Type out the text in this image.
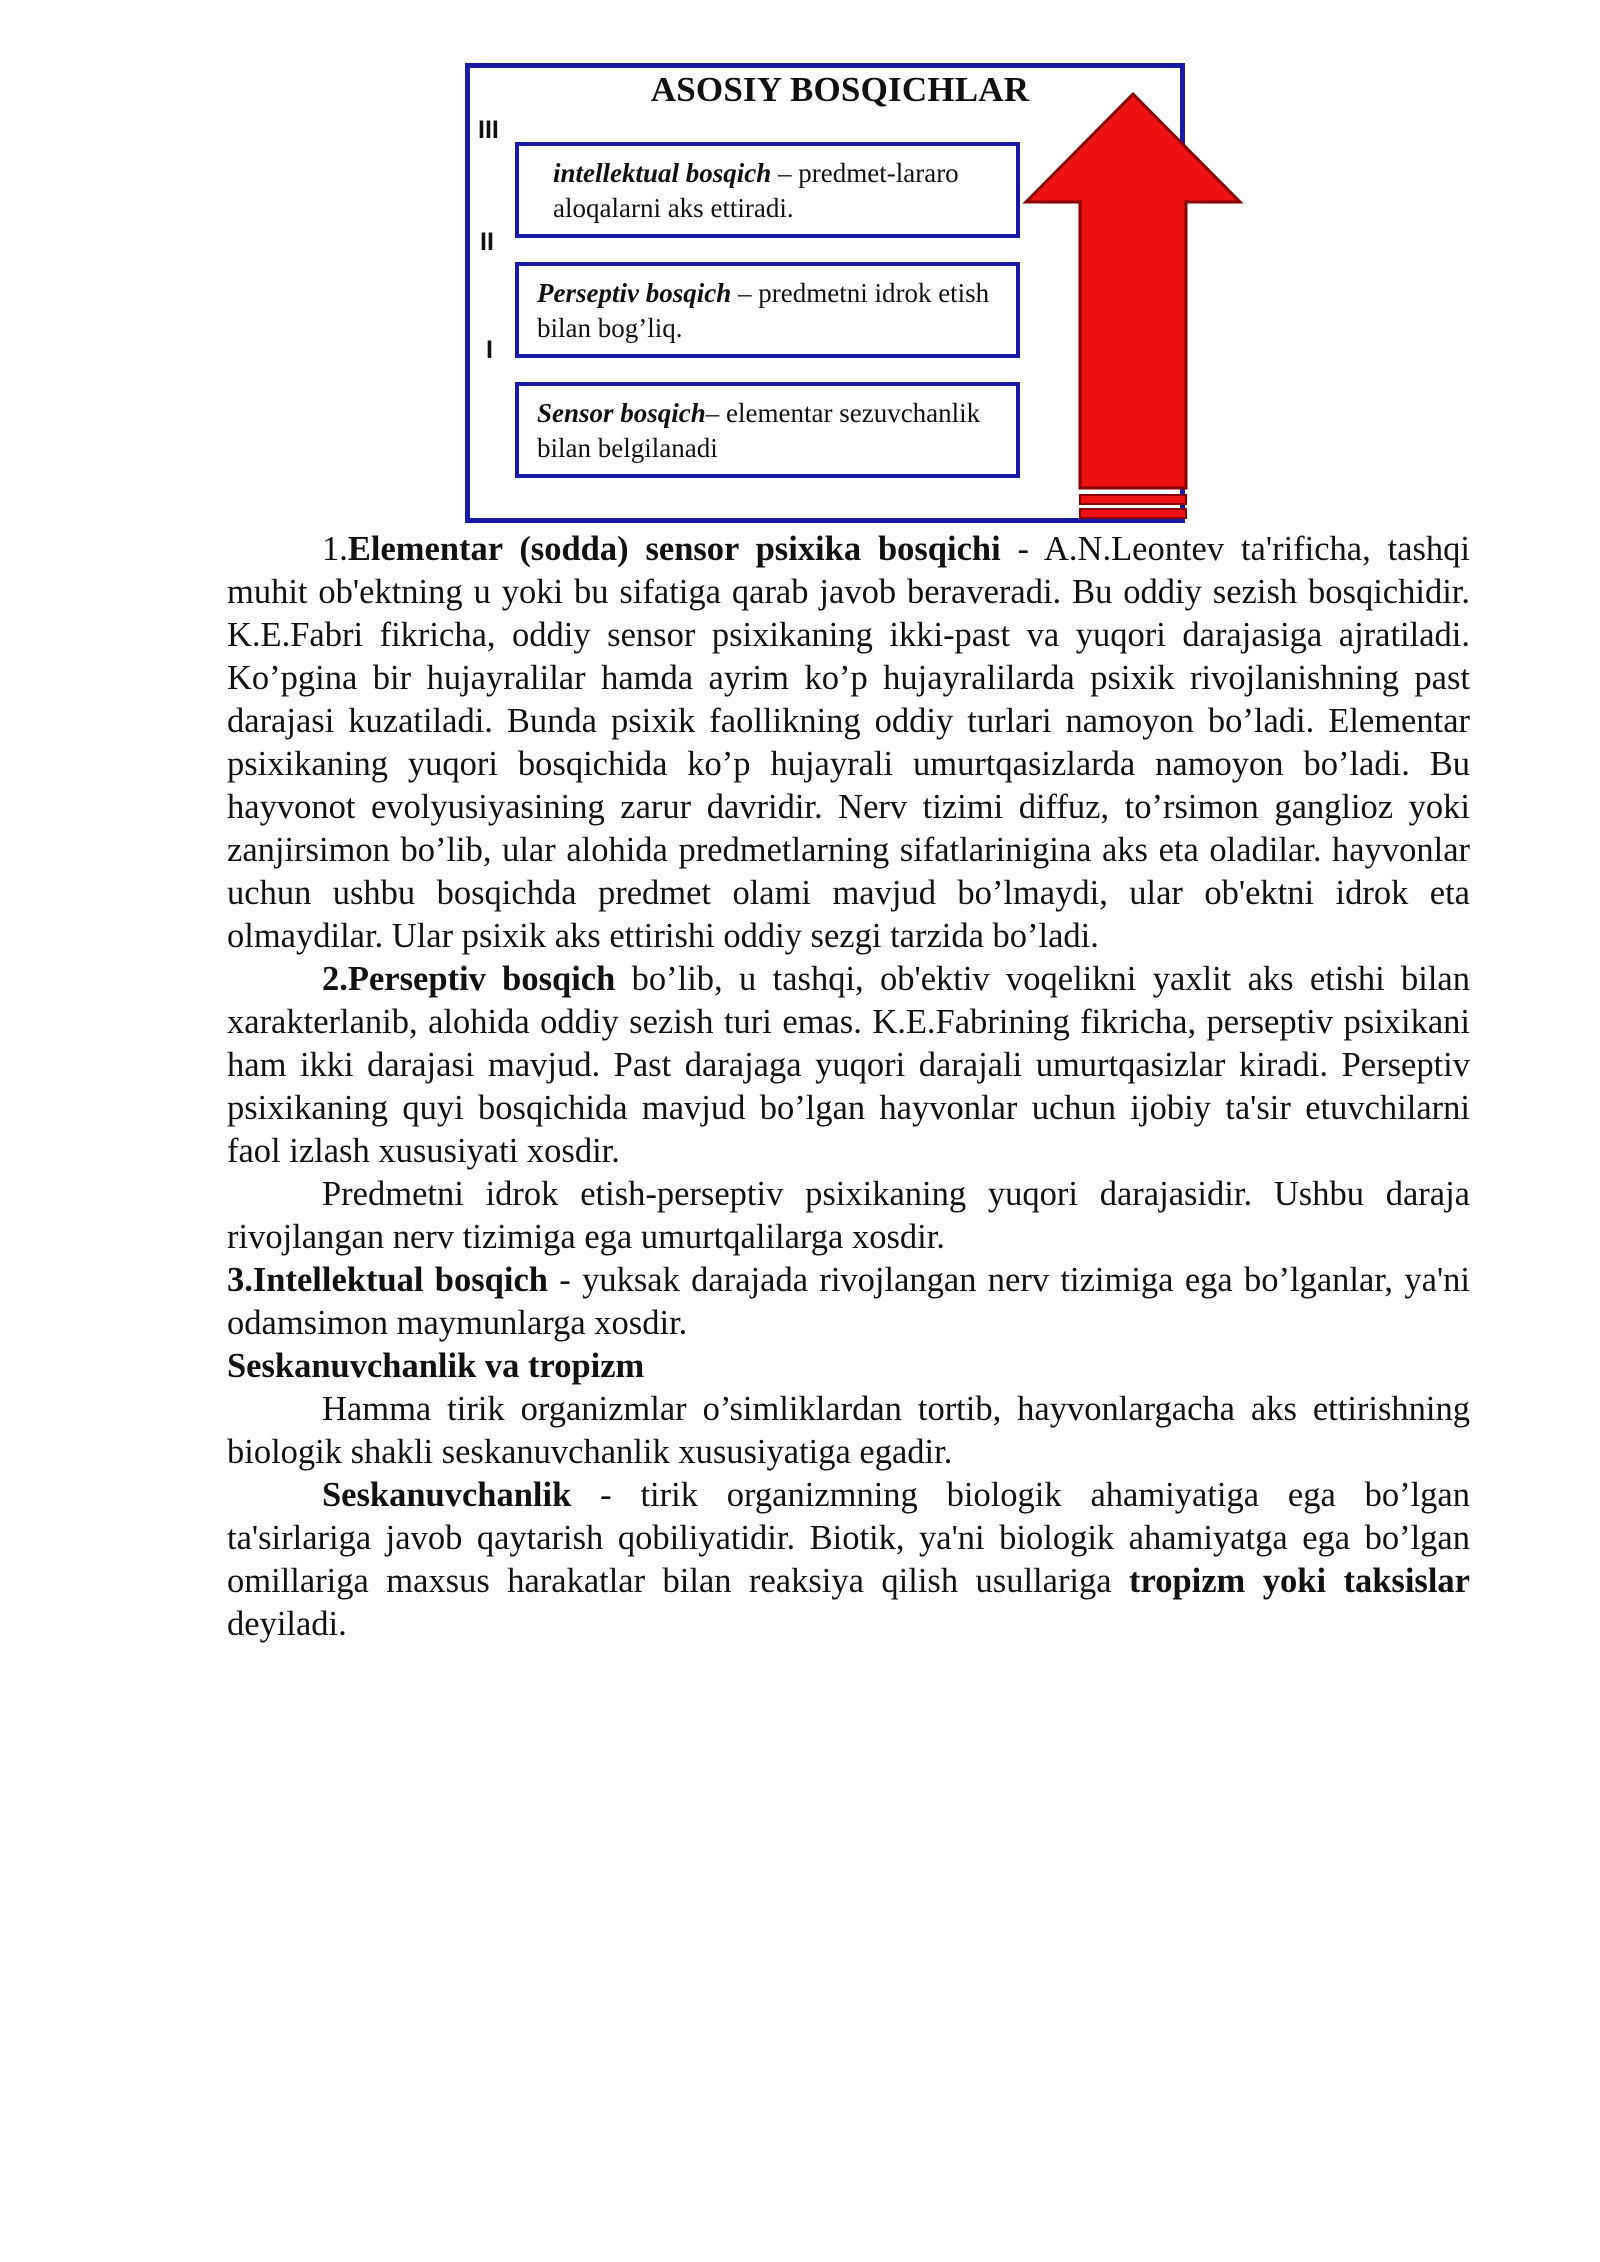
ASOSIY BOSQICHLAR
III
II
I
intellektual bosqich – predmet-lararo aloqalarni aks ettiradi.
Perseptiv bosqich – predmetni idrok etish bilan bog’liq.
Sensor bosqich– elementar sezuvchanlik bilan belgilanadi

1.Elementar (sodda) sensor psixika bosqichi - A.N.Leontev ta'rificha, tashqi muhit ob'ektning u yoki bu sifatiga qarab javob beraveradi. Bu oddiy sezish bosqichidir. K.E.Fabri fikricha, oddiy sensor psixikaning ikki-past va yuqori darajasiga ajratiladi. Ko’pgina bir hujayralilar hamda ayrim ko’p hujayralilarda psixik rivojlanishning past darajasi kuzatiladi. Bunda psixik faollikning oddiy turlari namoyon bo’ladi. Elementar psixikaning yuqori bosqichida ko’p hujayrali umurtqasizlarda namoyon bo’ladi. Bu hayvonot evolyusiyasining zarur davridir. Nerv tizimi diffuz, to’rsimon ganglioz yoki zanjirsimon bo’lib, ular alohida predmetlarning sifatlarinigina aks eta oladilar. hayvonlar uchun ushbu bosqichda predmet olami mavjud bo’lmaydi, ular ob'ektni idrok eta olmaydilar. Ular psixik aks ettirishi oddiy sezgi tarzida bo’ladi.

2.Perseptiv bosqich bo’lib, u tashqi, ob'ektiv voqelikni yaxlit aks etishi bilan xarakterlanib, alohida oddiy sezish turi emas. K.E.Fabrining fikricha, perseptiv psixikani ham ikki darajasi mavjud. Past darajaga yuqori darajali umurtqasizlar kiradi. Perseptiv psixikaning quyi bosqichida mavjud bo’lgan hayvonlar uchun ijobiy ta'sir etuvchilarni faol izlash xususiyati xosdir.

Predmetni idrok etish-perseptiv psixikaning yuqori darajasidir. Ushbu daraja rivojlangan nerv tizimiga ega umurtqalilarga xosdir.

3.Intellektual bosqich - yuksak darajada rivojlangan nerv tizimiga ega bo’lganlar, ya'ni odamsimon maymunlarga xosdir.

Seskanuvchanlik va tropizm

Hamma tirik organizmlar o’simliklardan tortib, hayvonlargacha aks ettirishning biologik shakli seskanuvchanlik xususiyatiga egadir.

Seskanuvchanlik - tirik organizmning biologik ahamiyatiga ega bo’lgan ta'sirlariga javob qaytarish qobiliyatidir. Biotik, ya'ni biologik ahamiyatga ega bo’lgan omillariga maxsus harakatlar bilan reaksiya qilish usullariga tropizm yoki taksislar deyiladi.
